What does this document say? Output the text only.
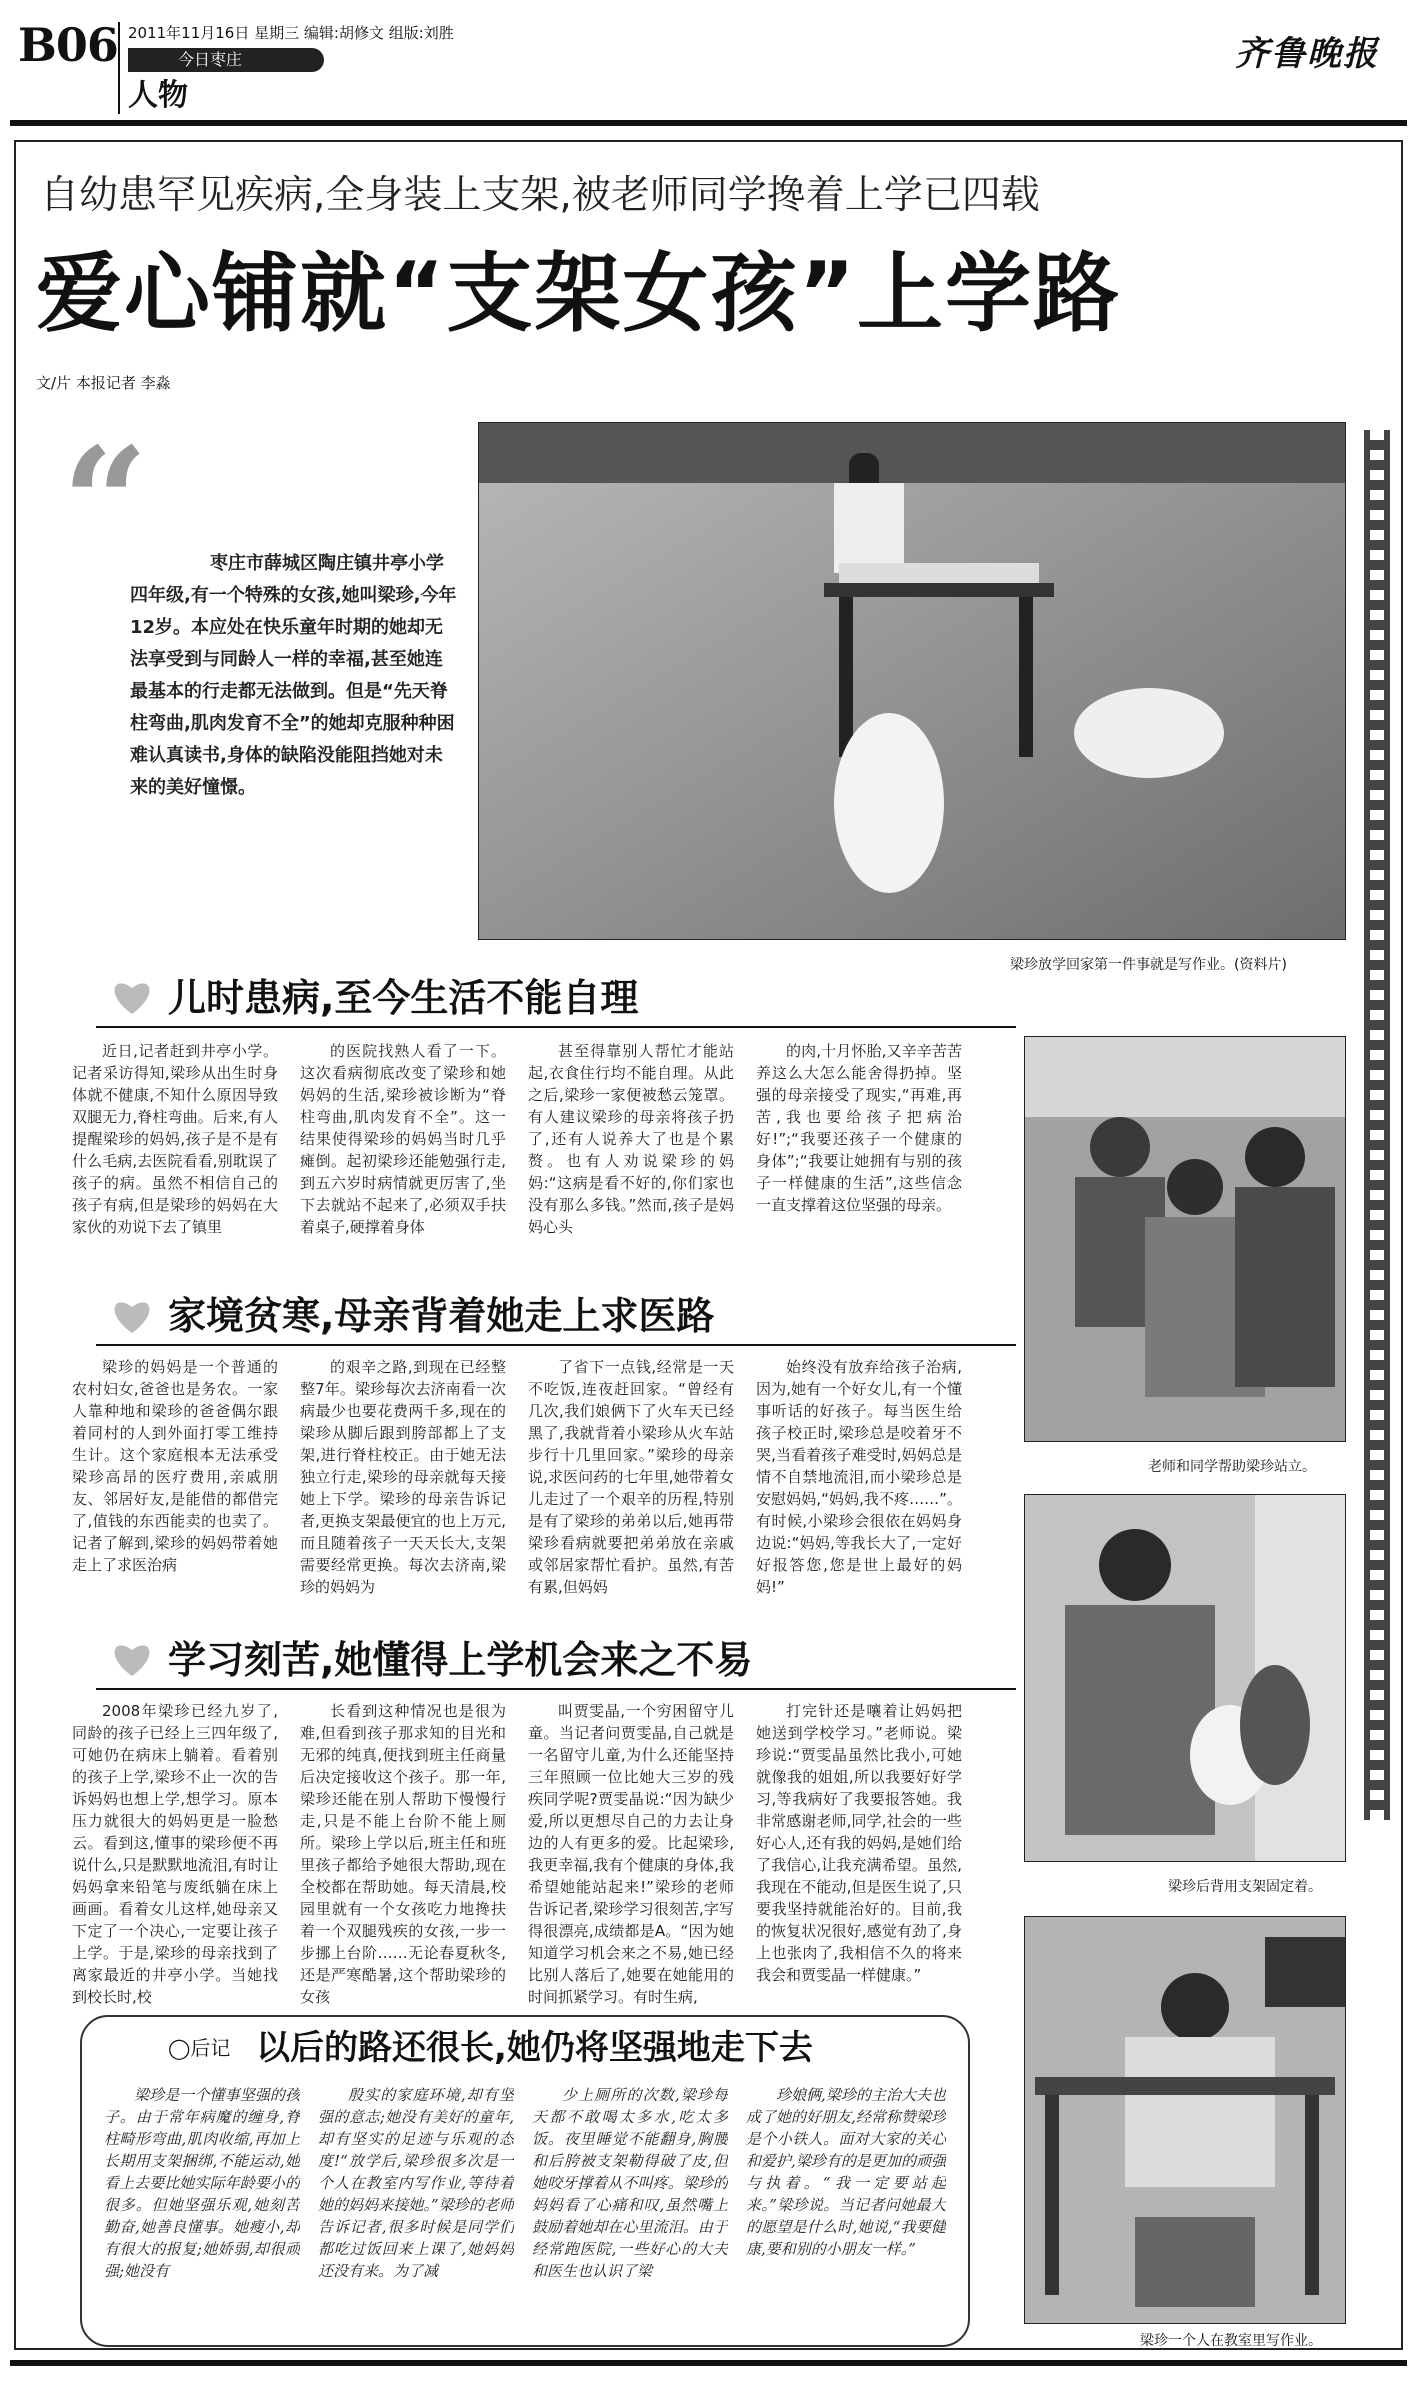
B06 2011年11月16日 星期三 编辑:胡修文 组版:刘胜
今日枣庄
人物
齐鲁晚报
自幼患罕见疾病,全身装上支架,被老师同学搀着上学已四载
爱心铺就“支架女孩”上学路
文/片 本报记者 李淼
“	枣庄市薛城区陶庄镇井亭小学四年级,有一个特殊的女孩,她叫梁珍,今年12岁。本应处在快乐童年时期的她却无法享受到与同龄人一样的幸福,甚至她连最基本的行走都无法做到。但是“先天脊柱弯曲,肌肉发育不全”的她却克服种种困难认真读书,身体的缺陷没能阻挡她对未来的美好憧憬。
梁珍放学回家第一件事就是写作业。(资料片)
儿时患病,至今生活不能自理

近日,记者赶到井亭小学。记者采访得知,梁珍从出生时身体就不健康,不知什么原因导致双腿无力,脊柱弯曲。后来,有人提醒梁珍的妈妈,孩子是不是有什么毛病,去医院看看,别耽误了孩子的病。虽然不相信自己的孩子有病,但是梁珍的妈妈在大家伙的劝说下去了镇里

的医院找熟人看了一下。这次看病彻底改变了梁珍和她妈妈的生活,梁珍被诊断为“脊柱弯曲,肌肉发育不全”。这一结果使得梁珍的妈妈当时几乎瘫倒。起初梁珍还能勉强行走,到五六岁时病情就更厉害了,坐下去就站不起来了,必须双手扶着桌子,硬撑着身体

甚至得靠别人帮忙才能站起,衣食住行均不能自理。从此之后,梁珍一家便被愁云笼罩。有人建议梁珍的母亲将孩子扔了,还有人说养大了也是个累赘。也有人劝说梁珍的妈妈:“这病是看不好的,你们家也没有那么多钱。”然而,孩子是妈妈心头

的肉,十月怀胎,又辛辛苦苦养这么大怎么能舍得扔掉。坚强的母亲接受了现实,“再难,再苦,我也要给孩子把病治好!”;“我要还孩子一个健康的身体”;“我要让她拥有与别的孩子一样健康的生活”,这些信念一直支撑着这位坚强的母亲。

老师和同学帮助梁珍站立。
家境贫寒,母亲背着她走上求医路

梁珍的妈妈是一个普通的农村妇女,爸爸也是务农。一家人靠种地和梁珍的爸爸偶尔跟着同村的人到外面打零工维持生计。这个家庭根本无法承受梁珍高昂的医疗费用,亲戚朋友、邻居好友,是能借的都借完了,值钱的东西能卖的也卖了。记者了解到,梁珍的妈妈带着她走上了求医治病

的艰辛之路,到现在已经整整7年。梁珍每次去济南看一次病最少也要花费两千多,现在的梁珍从脚后跟到胯部都上了支架,进行脊柱校正。由于她无法独立行走,梁珍的母亲就每天接她上下学。梁珍的母亲告诉记者,更换支架最便宜的也上万元,而且随着孩子一天天长大,支架需要经常更换。每次去济南,梁珍的妈妈为

了省下一点钱,经常是一天不吃饭,连夜赶回家。“曾经有几次,我们娘俩下了火车天已经黑了,我就背着小梁珍从火车站步行十几里回家。”梁珍的母亲说,求医问药的七年里,她带着女儿走过了一个艰辛的历程,特别是有了梁珍的弟弟以后,她再带梁珍看病就要把弟弟放在亲戚或邻居家帮忙看护。虽然,有苦有累,但妈妈

始终没有放弃给孩子治病,因为,她有一个好女儿,有一个懂事听话的好孩子。每当医生给孩子校正时,梁珍总是咬着牙不哭,当看着孩子难受时,妈妈总是情不自禁地流泪,而小梁珍总是安慰妈妈,“妈妈,我不疼……”。有时候,小梁珍会很依在妈妈身边说:“妈妈,等我长大了,一定好好报答您,您是世上最好的妈妈!”

梁珍后背用支架固定着。
学习刻苦,她懂得上学机会来之不易

2008年梁珍已经九岁了,同龄的孩子已经上三四年级了,可她仍在病床上躺着。看着别的孩子上学,梁珍不止一次的告诉妈妈也想上学,想学习。原本压力就很大的妈妈更是一脸愁云。看到这,懂事的梁珍便不再说什么,只是默默地流泪,有时让妈妈拿来铅笔与废纸躺在床上画画。看着女儿这样,她母亲又下定了一个决心,一定要让孩子上学。于是,梁珍的母亲找到了离家最近的井亭小学。当她找到校长时,校

长看到这种情况也是很为难,但看到孩子那求知的目光和无邪的纯真,便找到班主任商量后决定接收这个孩子。那一年,梁珍还能在别人帮助下慢慢行走,只是不能上台阶不能上厕所。梁珍上学以后,班主任和班里孩子都给予她很大帮助,现在全校都在帮助她。每天清晨,校园里就有一个女孩吃力地搀扶着一个双腿残疾的女孩,一步一步挪上台阶……无论春夏秋冬,还是严寒酷暑,这个帮助梁珍的女孩

叫贾雯晶,一个穷困留守儿童。当记者问贾雯晶,自己就是一名留守儿童,为什么还能坚持三年照顾一位比她大三岁的残疾同学呢?贾雯晶说:“因为缺少爱,所以更想尽自己的力去让身边的人有更多的爱。比起梁珍,我更幸福,我有个健康的身体,我希望她能站起来!”梁珍的老师告诉记者,梁珍学习很刻苦,字写得很漂亮,成绩都是A。“因为她知道学习机会来之不易,她已经比别人落后了,她要在她能用的时间抓紧学习。有时生病,

打完针还是嚷着让妈妈把她送到学校学习。”老师说。梁珍说:“贾雯晶虽然比我小,可她就像我的姐姐,所以我要好好学习,等我病好了我要报答她。我非常感谢老师,同学,社会的一些好心人,还有我的妈妈,是她们给了我信心,让我充满希望。虽然,我现在不能动,但是医生说了,只要我坚持就能治好的。目前,我的恢复状况很好,感觉有劲了,身上也张肉了,我相信不久的将来我会和贾雯晶一样健康。”

梁珍一个人在教室里写作业。
◯后记 以后的路还很长,她仍将坚强地走下去

梁珍是一个懂事坚强的孩子。由于常年病魔的缠身,脊柱畸形弯曲,肌肉收缩,再加上长期用支架捆绑,不能运动,她看上去要比她实际年龄要小的很多。但她坚强乐观,她刻苦勤奋,她善良懂事。她瘦小,却有很大的报复;她娇弱,却很顽强;她没有

殷实的家庭环境,却有坚强的意志;她没有美好的童年,却有坚实的足迹与乐观的态度!“放学后,梁珍很多次是一个人在教室内写作业,等待着她的妈妈来接她。”梁珍的老师告诉记者,很多时候是同学们都吃过饭回来上课了,她妈妈还没有来。为了减

少上厕所的次数,梁珍每天都不敢喝太多水,吃太多饭。夜里睡觉不能翻身,胸腰和后胯被支架勒得破了皮,但她咬牙撑着从不叫疼。梁珍的妈妈看了心痛和叹,虽然嘴上鼓励着她却在心里流泪。由于经常跑医院,一些好心的大夫和医生也认识了梁

珍娘俩,梁珍的主治大夫也成了她的好朋友,经常称赞梁珍是个小铁人。面对大家的关心和爱护,梁珍有的是更加的顽强与执着。“我一定要站起来。”梁珍说。当记者问她最大的愿望是什么时,她说,“我要健康,要和别的小朋友一样。”
